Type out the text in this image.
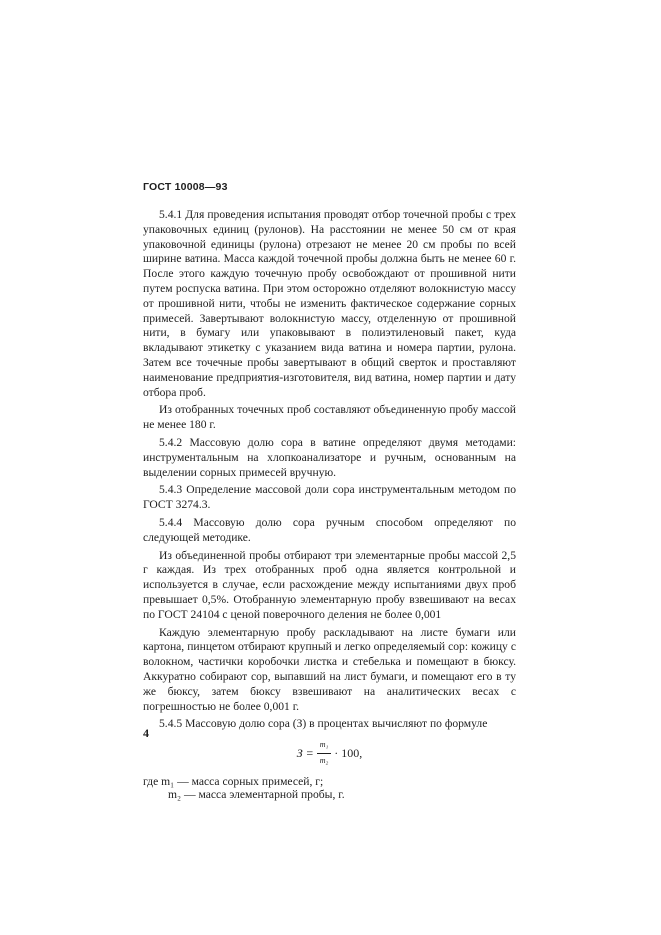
ГОСТ 10008—93

5.4.1 Для проведения испытания проводят отбор точечной пробы с трех упаковочных единиц (рулонов). На расстоянии не менее 50 см от края упаковочной единицы (рулона) отрезают не менее 20 см пробы по всей ширине ватина. Масса каждой точечной пробы должна быть не менее 60 г. После этого каждую точечную пробу освобождают от прошивной нити путем роспуска ватина. При этом осторожно отделяют волокнистую массу от прошивной нити, чтобы не изменить фактическое содержание сорных примесей. Завертывают волокнистую массу, отделенную от прошивной нити, в бумагу или упаковывают в полиэтиленовый пакет, куда вкладывают этикетку с указанием вида ватина и номера партии, рулона. Затем все точечные пробы завертывают в общий сверток и проставляют наименование предприятия-изготовителя, вид ватина, номер партии и дату отбора проб.

Из отобранных точечных проб составляют объединенную пробу массой не менее 180 г.

5.4.2 Массовую долю сора в ватине определяют двумя методами: инструментальным на хлопкоанализаторе и ручным, основанным на выделении сорных примесей вручную.

5.4.3 Определение массовой доли сора инструментальным методом по ГОСТ 3274.3.

5.4.4 Массовую долю сора ручным способом определяют по следующей методике.

Из объединенной пробы отбирают три элементарные пробы массой 2,5 г каждая. Из трех отобранных проб одна является контрольной и используется в случае, если расхождение между испытаниями двух проб превышает 0,5%. Отобранную элементарную пробу взвешивают на весах по ГОСТ 24104 с ценой поверочного деления не более 0,001

Каждую элементарную пробу раскладывают на листе бумаги или картона, пинцетом отбирают крупный и легко определяемый сор: кожицу с волокном, частички коробочки листка и стебелька и помещают в бюксу. Аккуратно собирают сор, выпавший на лист бумаги, и помещают его в ту же бюксу, затем бюксу взвешивают на аналитических весах с погрешностью не более 0,001 г.

5.4.5 Массовую долю сора (З) в процентах вычисляют по формуле

$З = \frac{\text{m₁}}{\text{m₂}} \cdot 100$,
где m₁ — масса сорных примесей, г;
m₂ — масса элементарной пробы, г.
4
